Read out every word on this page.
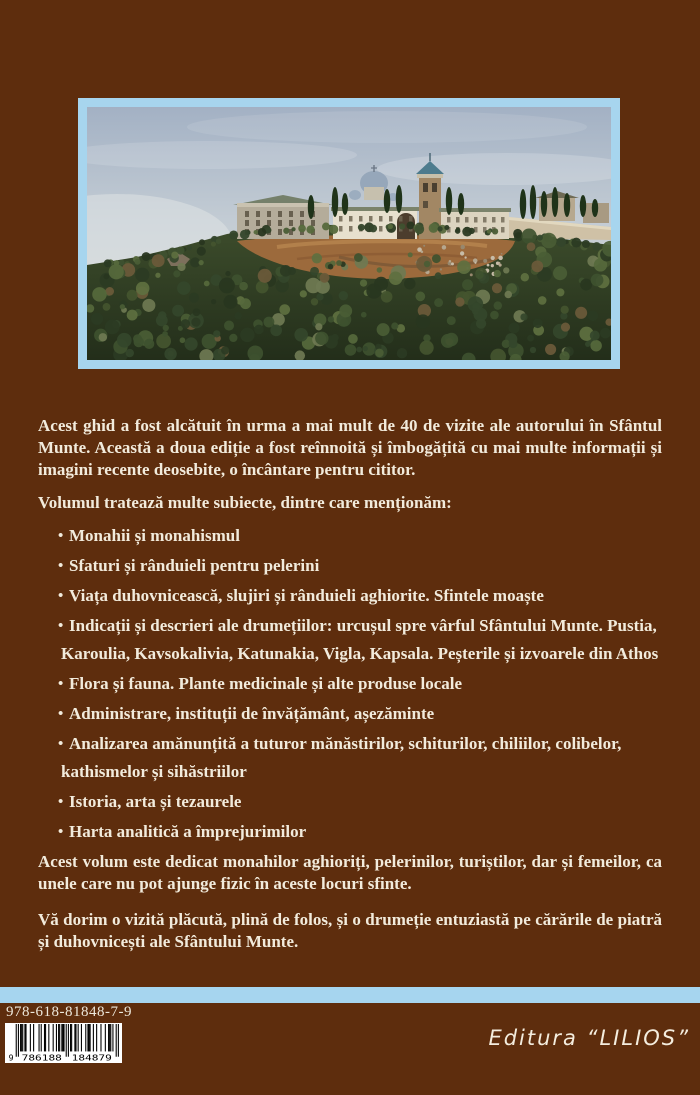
Acest ghid a fost alcătuit în urma a mai mult de 40 de vizite ale autorului în Sfântul Munte. Această a doua ediție a fost reînnoită și îmbogățită cu mai multe informații și imagini recente deosebite, o încântare pentru cititor.

Volumul tratează multe subiecte, dintre care menționăm:

• Monahii și monahismul
• Sfaturi și rânduieli pentru pelerini
• Viața duhovnicească, slujiri și rânduieli aghiorite. Sfintele moaște
• Indicații și descrieri ale drumețiilor: urcușul spre vârful Sfântului Munte. Pustia, Karoulia, Kavsokalivia, Katunakia, Vigla, Kapsala. Peșterile și izvoarele din Athos
• Flora și fauna. Plante medicinale și alte produse locale
• Administrare, instituții de învățământ, așezăminte
• Analizarea amănunțită a tuturor mănăstirilor, schiturilor, chiliilor, colibelor, kathismelor și sihăstriilor
• Istoria, arta și tezaurele
• Harta analitică a împrejurimilor

Acest volum este dedicat monahilor aghioriți, pelerinilor, turiștilor, dar și femeilor, ca unele care nu pot ajunge fizic în aceste locuri sfinte.

Vă dorim o vizită plăcută, plină de folos, și o drumeție entuziastă pe cărările de piatră și duhovnicești ale Sfântului Munte.

978-618-81848-7-9

9 786188 184879

Editura “LILIOS”
